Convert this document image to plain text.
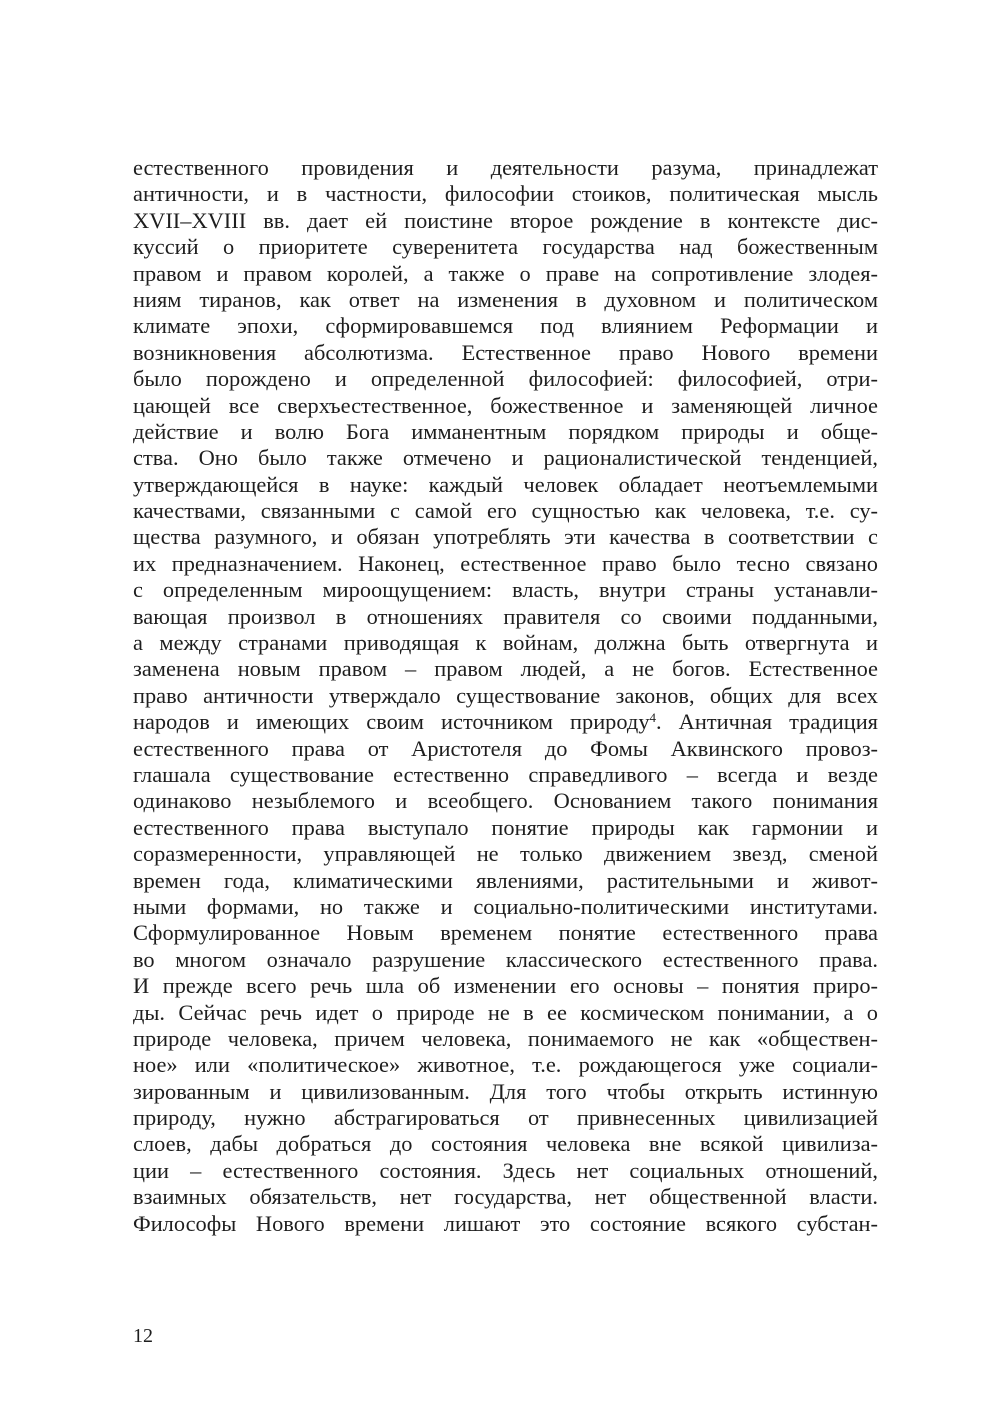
естественного провидения и деятельности разума, принадлежат
античности, и в частности, философии стоиков, политическая мысль
XVII–XVIII вв. дает ей поистине второе рождение в контексте дис-
куссий о приоритете суверенитета государства над божественным
правом и правом королей, а также о праве на сопротивление злодея-
ниям тиранов, как ответ на изменения в духовном и политическом
климате эпохи, сформировавшемся под влиянием Реформации и
возникновения абсолютизма. Естественное право Нового времени
было порождено и определенной философией: философией, отри-
цающей все сверхъестественное, божественное и заменяющей личное
действие и волю Бога имманентным порядком природы и обще-
ства. Оно было также отмечено и рационалистической тенденцией,
утверждающейся в науке: каждый человек обладает неотъемлемыми
качествами, связанными с самой его сущностью как человека, т.е. су-
щества разумного, и обязан употреблять эти качества в соответствии с
их предназначением. Наконец, естественное право было тесно связано
с определенным мироощущением: власть, внутри страны устанавли-
вающая произвол в отношениях правителя со своими подданными,
а между странами приводящая к войнам, должна быть отвергнута и
заменена новым правом – правом людей, а не богов. Естественное
право античности утверждало существование законов, общих для всех
народов и имеющих своим источником природу$^4$. Античная традиция
естественного права от Аристотеля до Фомы Аквинского провоз-
глашала существование естественно справедливого – всегда и везде
одинаково незыблемого и всеобщего. Основанием такого понимания
естественного права выступало понятие природы как гармонии и
соразмеренности, управляющей не только движением звезд, сменой
времен года, климатическими явлениями, растительными и живот-
ными формами, но также и социально-политическими институтами.
Сформулированное Новым временем понятие естественного права
во многом означало разрушение классического естественного права.
И прежде всего речь шла об изменении его основы – понятия приро-
ды. Сейчас речь идет о природе не в ее космическом понимании, а о
природе человека, причем человека, понимаемого не как «обществен-
ное» или «политическое» животное, т.е. рождающегося уже социали-
зированным и цивилизованным. Для того чтобы открыть истинную
природу, нужно абстрагироваться от привнесенных цивилизацией
слоев, дабы добраться до состояния человека вне всякой цивилиза-
ции – естественного состояния. Здесь нет социальных отношений,
взаимных обязательств, нет государства, нет общественной власти.
Философы Нового времени лишают это состояние всякого субстан-
12
